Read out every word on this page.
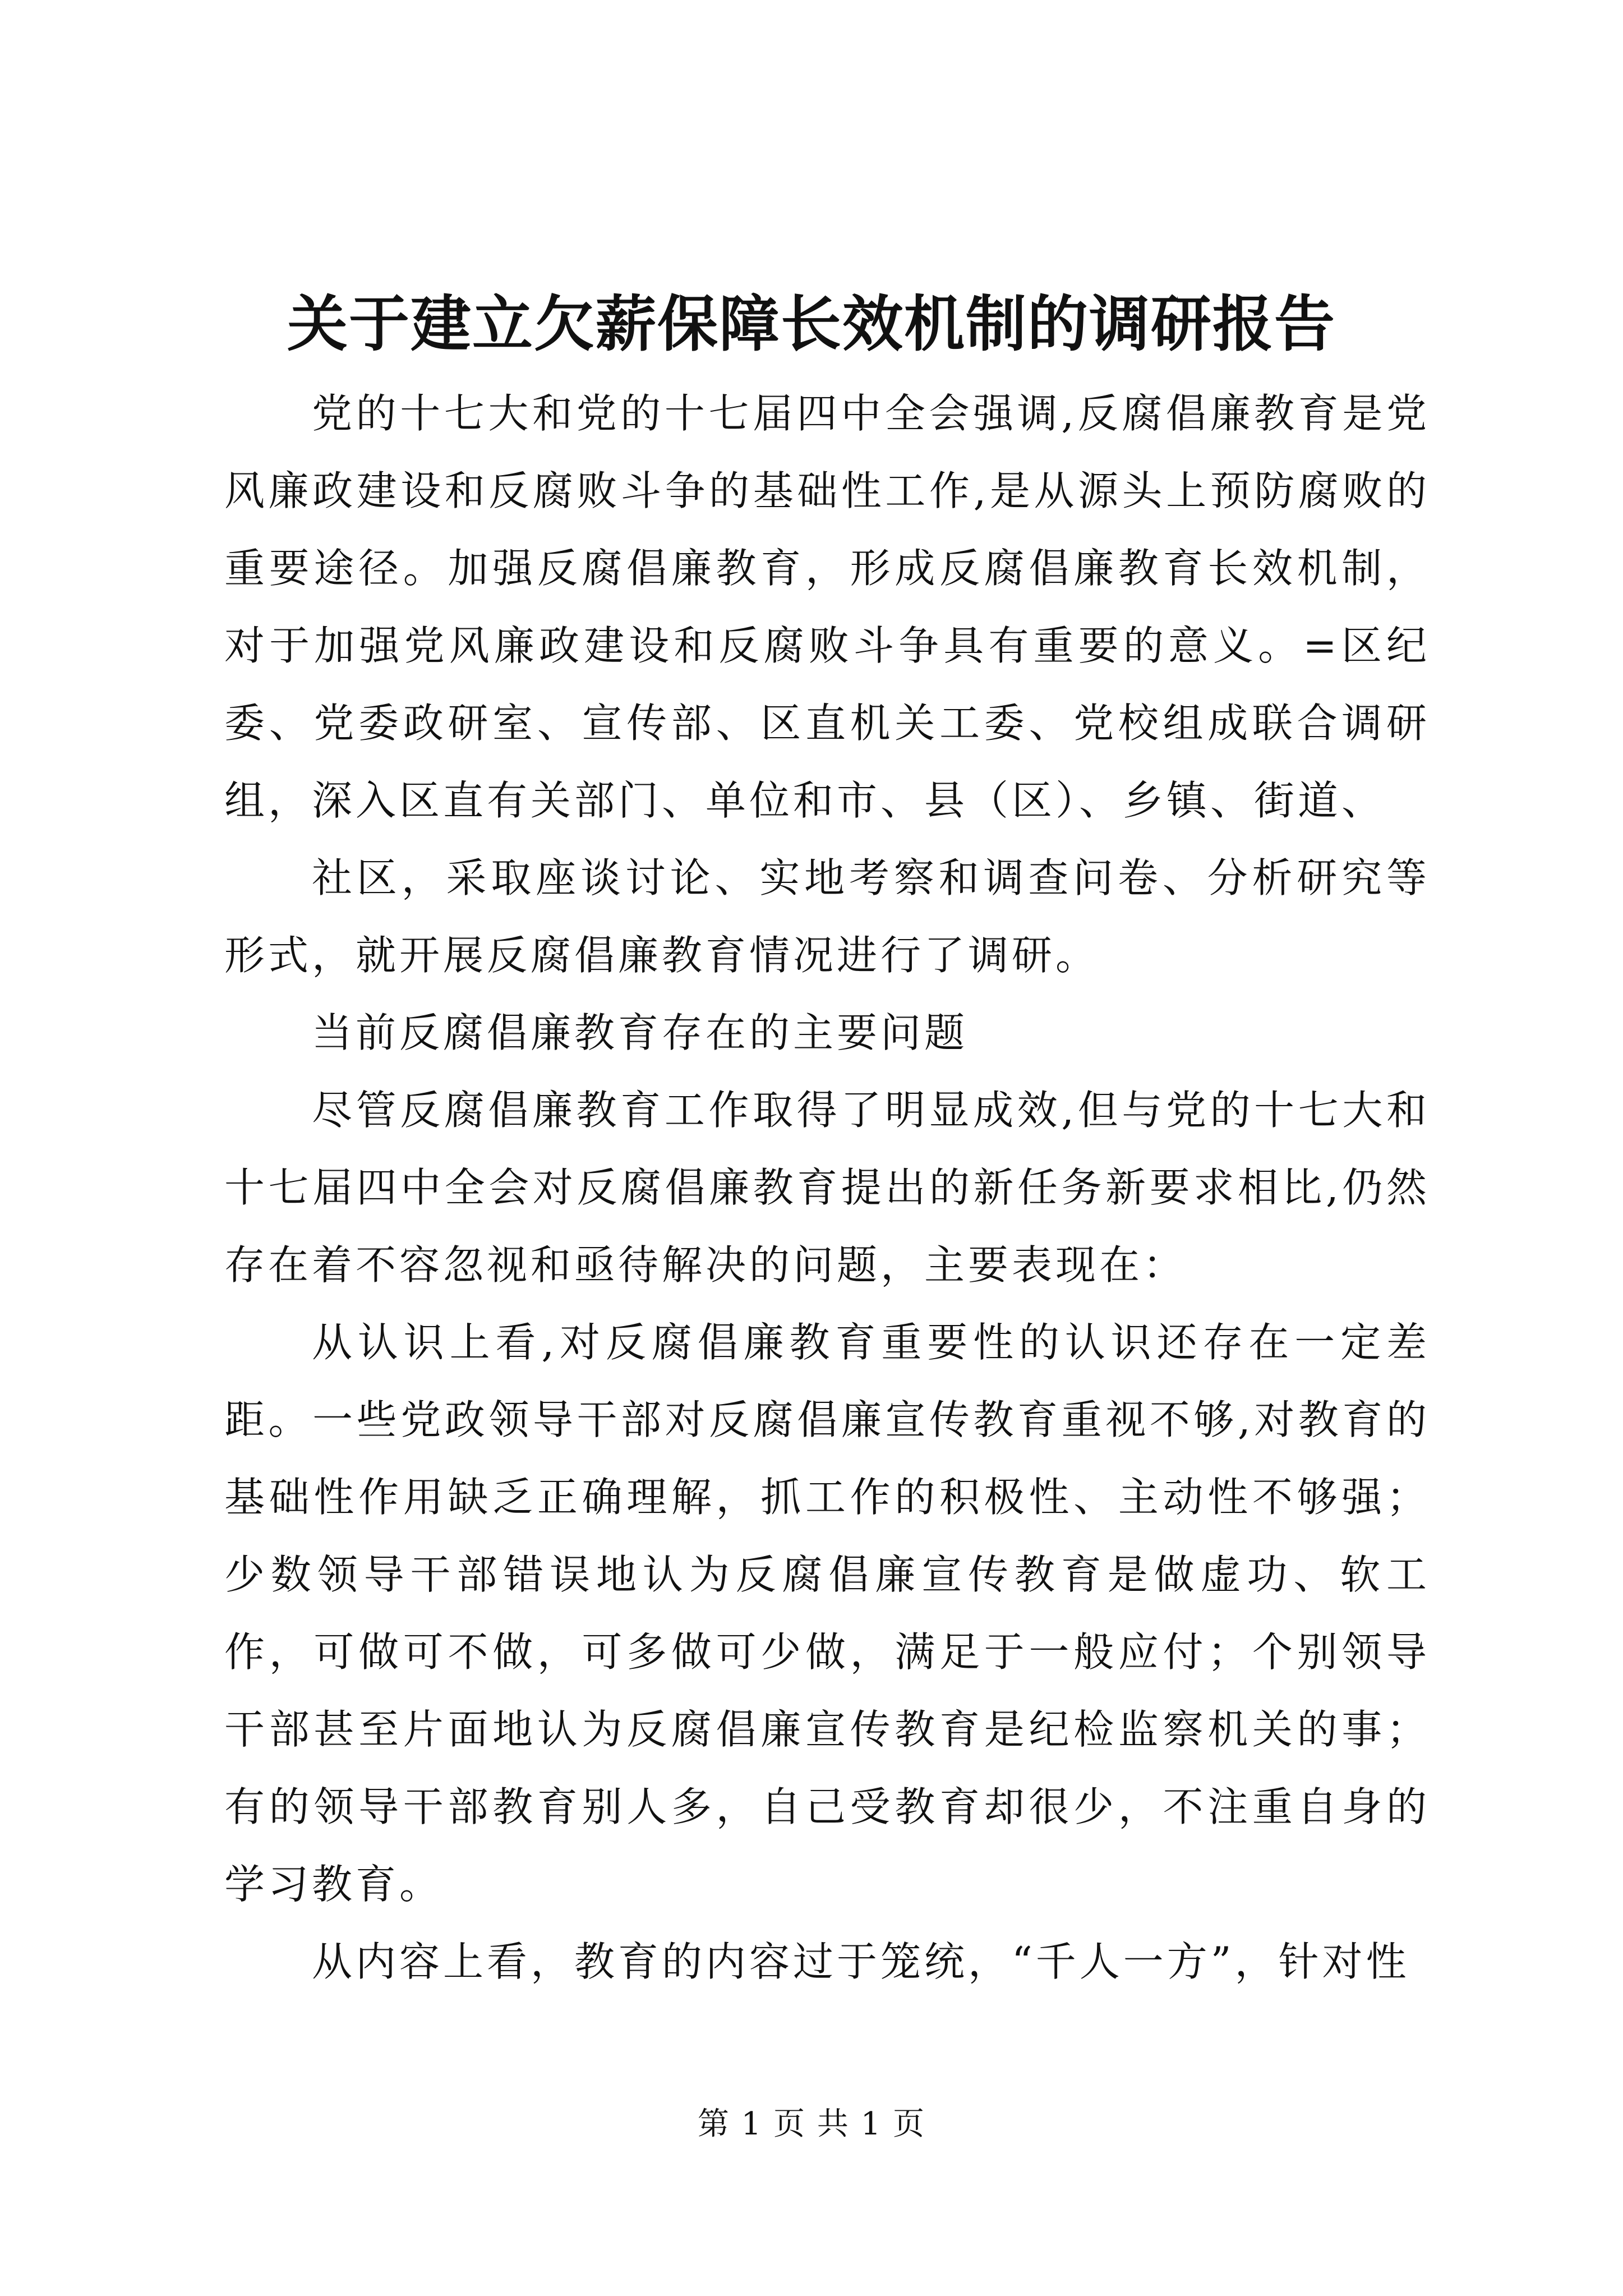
关于建立欠薪保障长效机制的调研报告

党的十七大和党的十七届四中全会强调,反腐倡廉教育是党风廉政建设和反腐败斗争的基础性工作,是从源头上预防腐败的重要途径。加强反腐倡廉教育，形成反腐倡廉教育长效机制，对于加强党风廉政建设和反腐败斗争具有重要的意义。=区纪委、党委政研室、宣传部、区直机关工委、党校组成联合调研组，深入区直有关部门、单位和市、县（区）、乡镇、街道、

社区，采取座谈讨论、实地考察和调查问卷、分析研究等形式，就开展反腐倡廉教育情况进行了调研。

当前反腐倡廉教育存在的主要问题

尽管反腐倡廉教育工作取得了明显成效,但与党的十七大和十七届四中全会对反腐倡廉教育提出的新任务新要求相比,仍然存在着不容忽视和亟待解决的问题，主要表现在：

从认识上看,对反腐倡廉教育重要性的认识还存在一定差距。一些党政领导干部对反腐倡廉宣传教育重视不够,对教育的基础性作用缺乏正确理解，抓工作的积极性、主动性不够强；少数领导干部错误地认为反腐倡廉宣传教育是做虚功、软工作，可做可不做，可多做可少做，满足于一般应付；个别领导干部甚至片面地认为反腐倡廉宣传教育是纪检监察机关的事；有的领导干部教育别人多，自己受教育却很少，不注重自身的学习教育。

从内容上看，教育的内容过于笼统，“千人一方”，针对性

第 1 页 共 1 页
